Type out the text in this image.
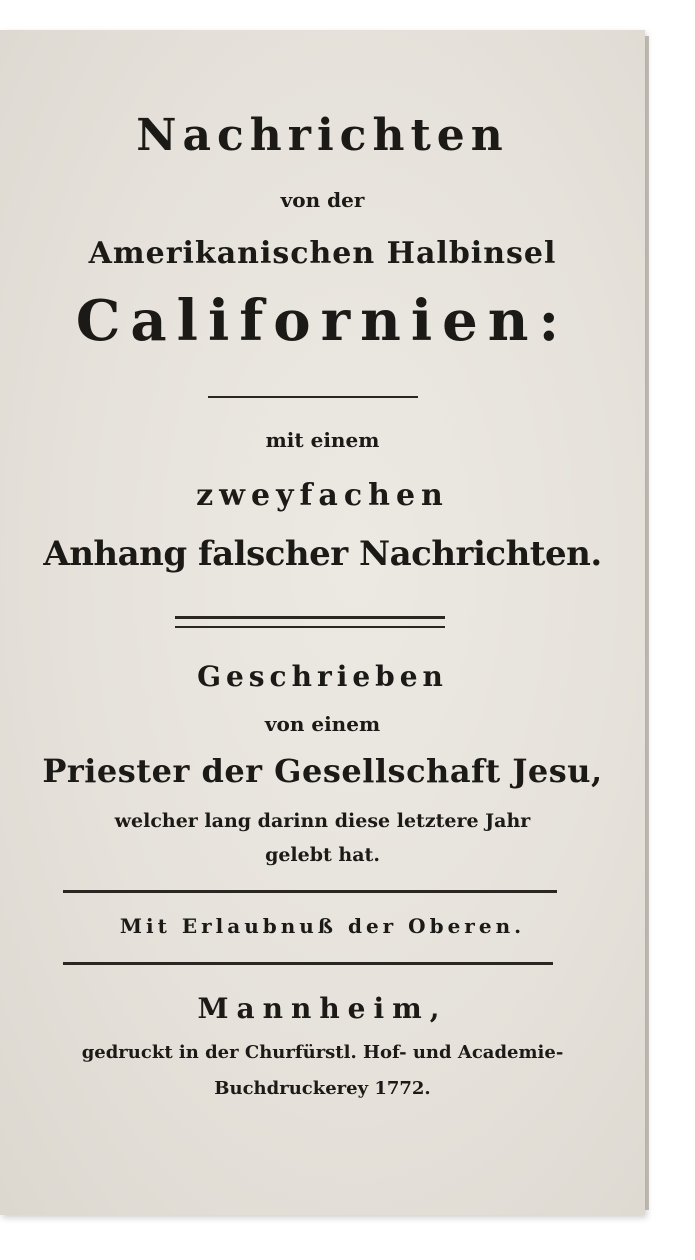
Nachrichten
von der
Amerikanischen Halbinsel
Californien:
mit einem
zweyfachen
Anhang falscher Nachrichten.
Geschrieben
von einem
Priester der Gesellschaft Jesu,
welcher lang darinn diese letztere Jahr
gelebt hat.
Mit Erlaubnuß der Oberen.
Mannheim,
gedruckt in der Churfürstl. Hof- und Academie-
Buchdruckerey 1772.
